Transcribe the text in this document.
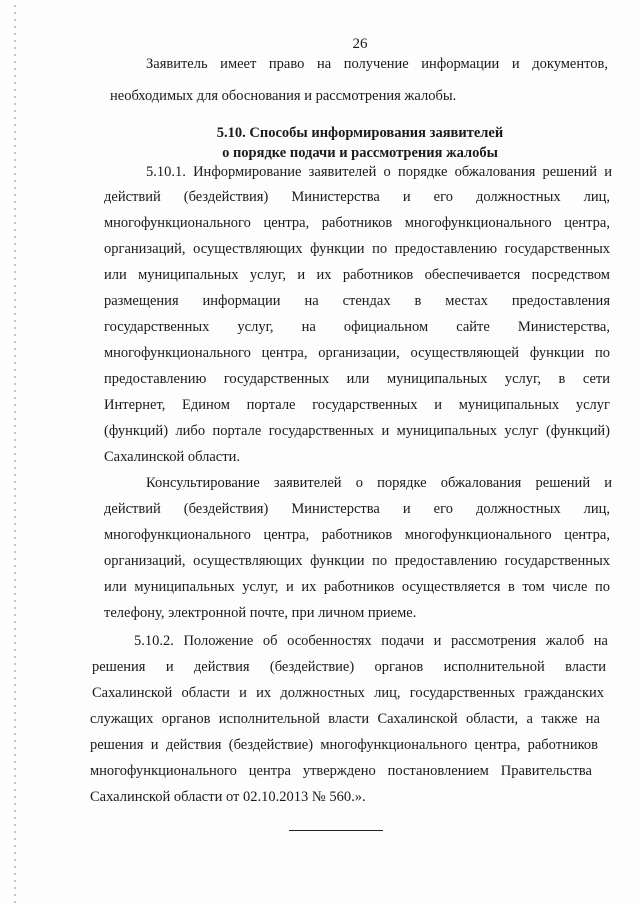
26
Заявитель имеет право на получение информации и документов,
необходимых для обоснования и рассмотрения жалобы.
5.10. Способы информирования заявителей
о порядке подачи и рассмотрения жалобы
5.10.1. Информирование заявителей о порядке обжалования решений и
действий (бездействия) Министерства и его должностных лиц,
многофункционального центра, работников многофункционального центра,
организаций, осуществляющих функции по предоставлению государственных
или муниципальных услуг, и их работников обеспечивается посредством
размещения информации на стендах в местах предоставления
государственных услуг, на официальном сайте Министерства,
многофункционального центра, организации, осуществляющей функции по
предоставлению государственных или муниципальных услуг, в сети
Интернет, Едином портале государственных и муниципальных услуг
(функций) либо портале государственных и муниципальных услуг (функций)
Сахалинской области.
Консультирование заявителей о порядке обжалования решений и
действий (бездействия) Министерства и его должностных лиц,
многофункционального центра, работников многофункционального центра,
организаций, осуществляющих функции по предоставлению государственных
или муниципальных услуг, и их работников осуществляется в том числе по
телефону, электронной почте, при личном приеме.
5.10.2. Положение об особенностях подачи и рассмотрения жалоб на
решения и действия (бездействие) органов исполнительной власти
Сахалинской области и их должностных лиц, государственных гражданских
служащих органов исполнительной власти Сахалинской области, а также на
решения и действия (бездействие) многофункционального центра, работников
многофункционального центра утверждено постановлением Правительства
Сахалинской области от 02.10.2013 № 560.».
